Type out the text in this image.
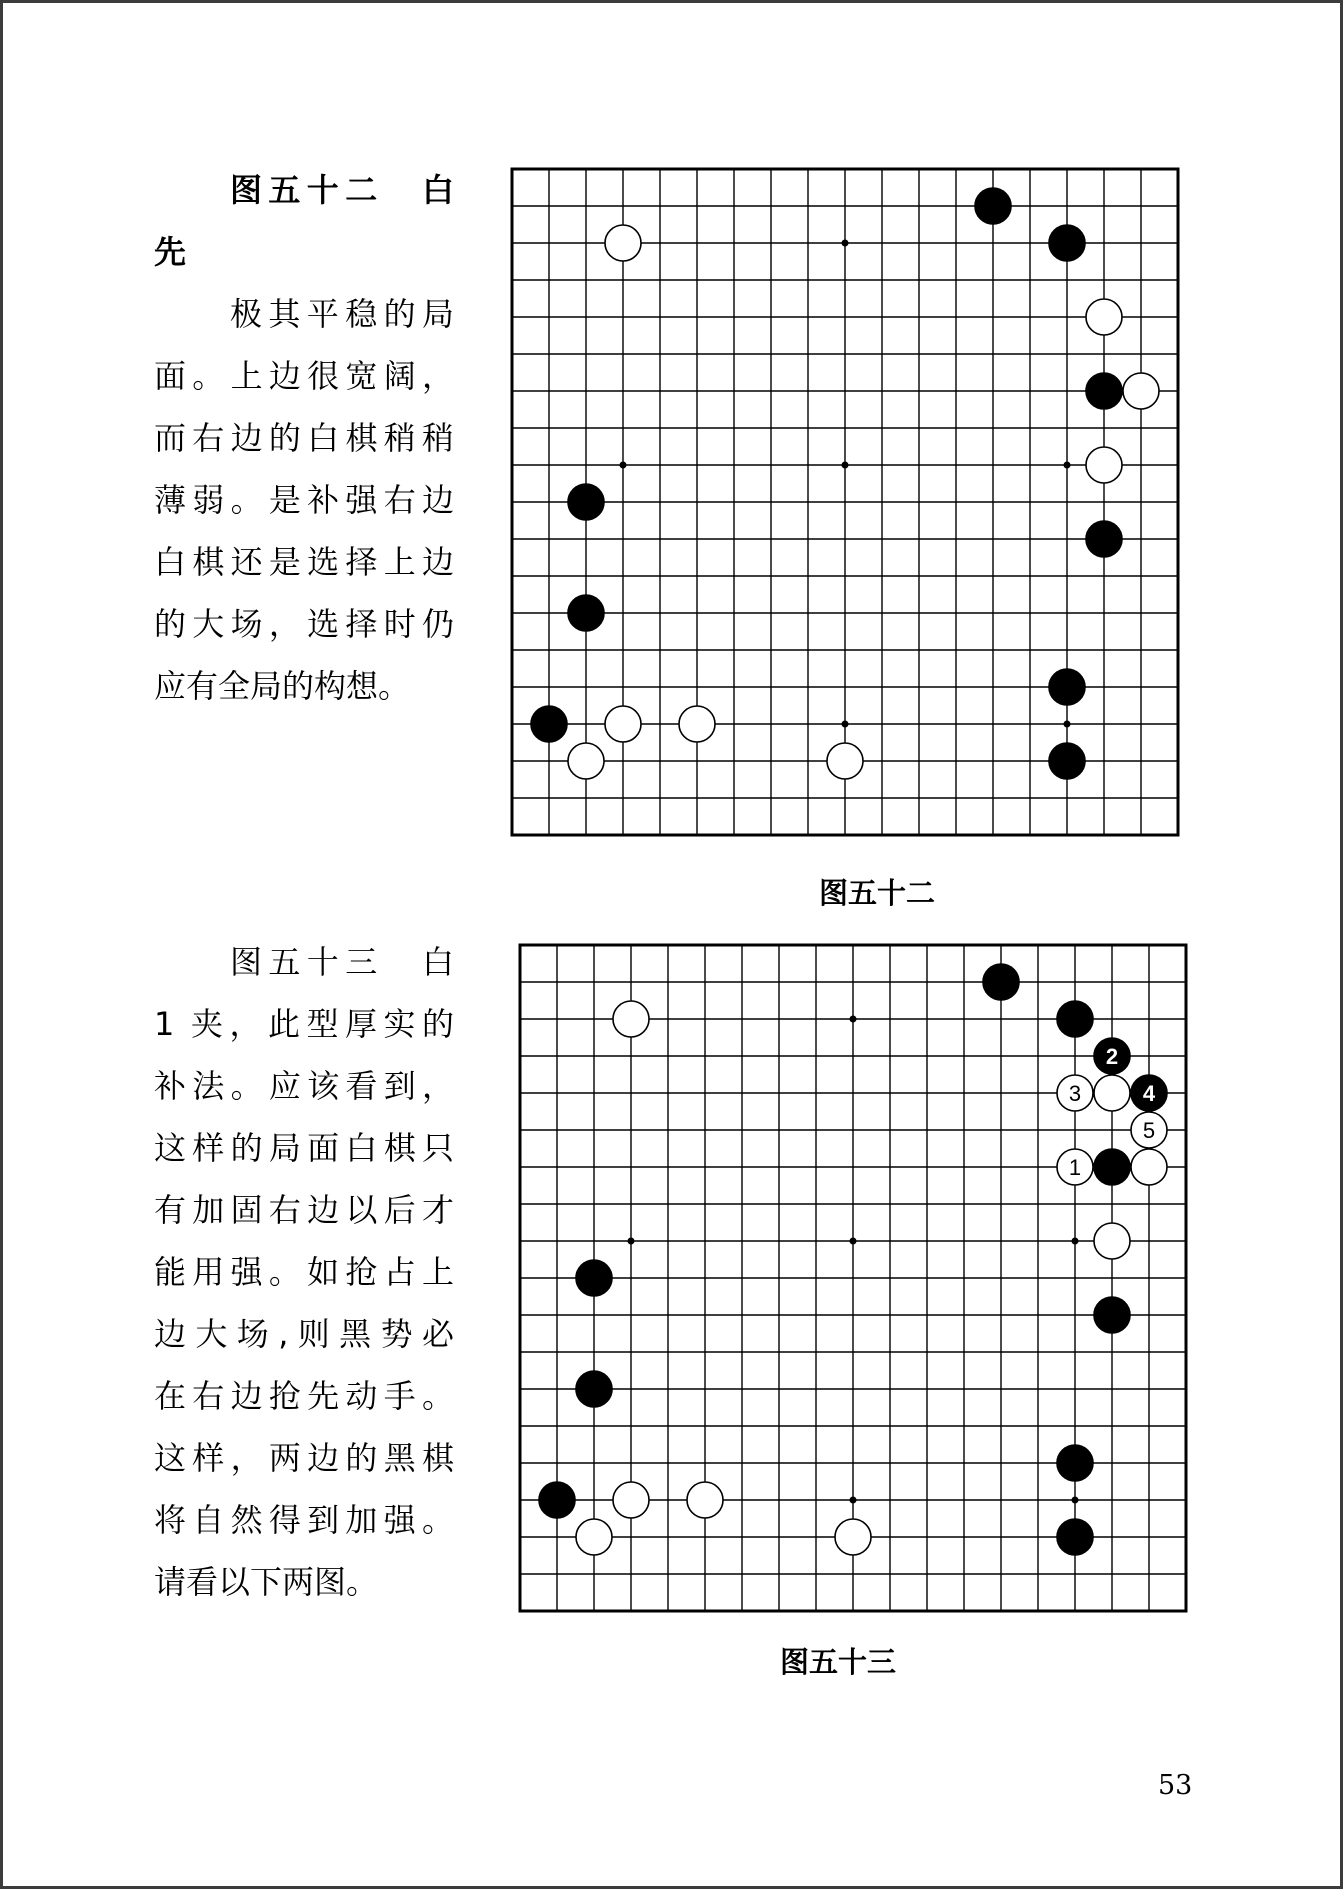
图五十二　白

先

极其平稳的局

面。上边很宽阔，

而右边的白棋稍稍

薄弱。是补强右边

白棋还是选择上边

的大场，选择时仍

应有全局的构想。

图五十二

图五十三　白

1 夹，此型厚实的

补法。应该看到，

这样的局面白棋只

有加固右边以后才

能用强。如抢占上

边大场,则黑势必

在右边抢先动手。

这样，两边的黑棋

将自然得到加强。

请看以下两图。

2
3	4
5
1
图五十三
53
